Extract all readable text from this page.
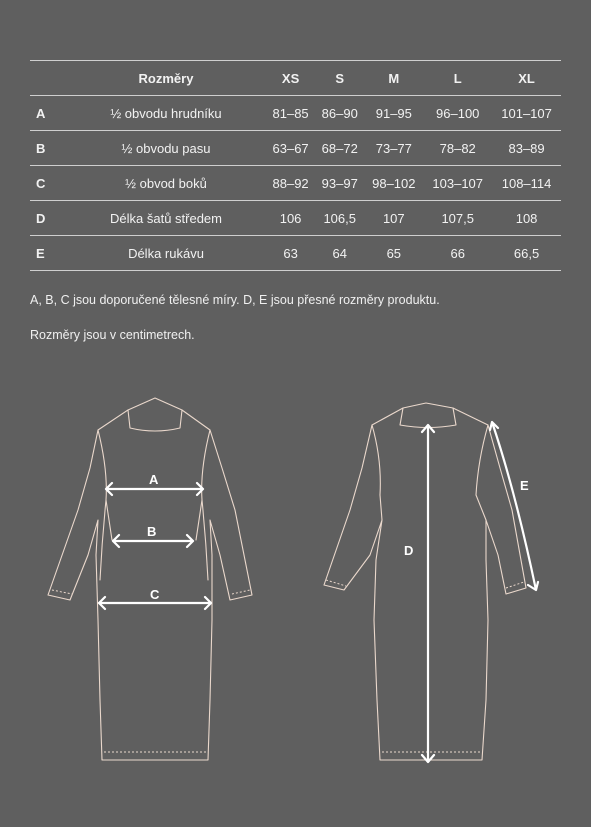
	Rozměry	XS	S	M	L	XL
A	½ obvodu hrudníku	81–85	86–90	91–95	96–100	101–107
B	½ obvodu pasu	63–67	68–72	73–77	78–82	83–89
C	½ obvod boků	88–92	93–97	98–102	103–107	108–114
D	Délka šatů středem	106	106,5	107	107,5	108
E	Délka rukávu	63	64	65	66	66,5

A, B, C jsou doporučené tělesné míry. D, E jsou přesné rozměry produktu.

Rozměry jsou v centimetrech.

A
B
C
D
E
